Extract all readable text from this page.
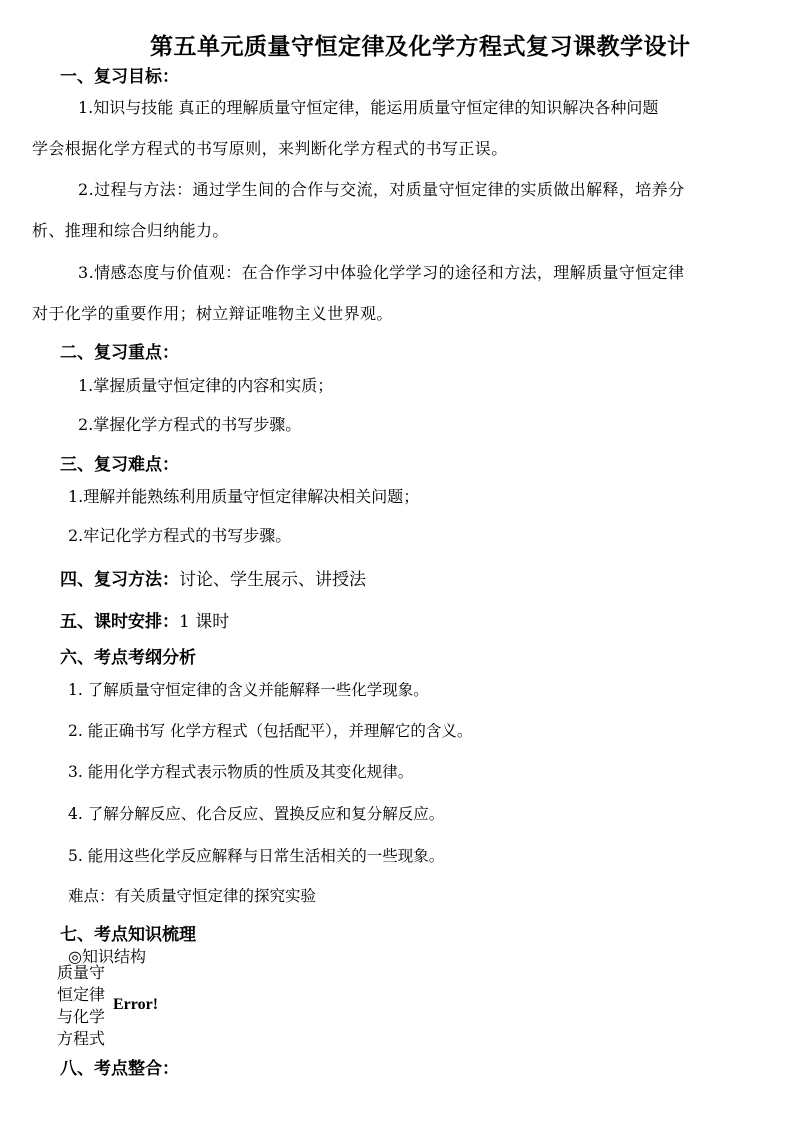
第五单元质量守恒定律及化学方程式复习课教学设计
一、复习目标：
1.知识与技能 真正的理解质量守恒定律，能运用质量守恒定律的知识解决各种问题
学会根据化学方程式的书写原则，来判断化学方程式的书写正误。
2.过程与方法：通过学生间的合作与交流，对质量守恒定律的实质做出解释，培养分
析、推理和综合归纳能力。
3.情感态度与价值观：在合作学习中体验化学学习的途径和方法，理解质量守恒定律
对于化学的重要作用；树立辩证唯物主义世界观。
二、复习重点：
1.掌握质量守恒定律的内容和实质；
2.掌握化学方程式的书写步骤。
三、复习难点：
1.理解并能熟练利用质量守恒定律解决相关问题；
2.牢记化学方程式的书写步骤。
四、复习方法：讨论、学生展示、讲授法
五、课时安排：1 课时
六、考点考纲分析
1. 了解质量守恒定律的含义并能解释一些化学现象。
2. 能正确书写 化学方程式（包括配平），并理解它的含义。
3. 能用化学方程式表示物质的性质及其变化规律。
4. 了解分解反应、化合反应、置换反应和复分解反应。
5. 能用这些化学反应解释与日常生活相关的一些现象。
难点：有关质量守恒定律的探究实验
七、考点知识梳理
◎知识结构
质量守
恒定律
与化学
方程式
Error!
八、考点整合：
